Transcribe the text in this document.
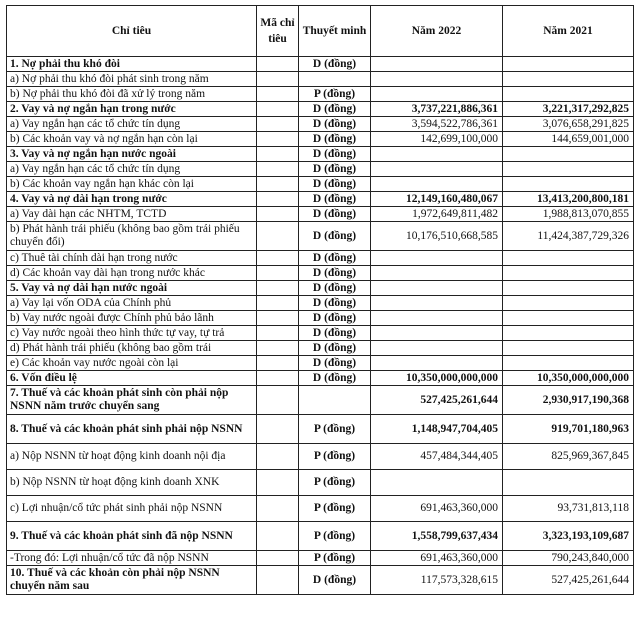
Chỉ tiêu	Mã chỉ tiêu	Thuyết minh	Năm 2022	Năm 2021
1. Nợ phải thu khó đòi		D (đồng)		
a) Nợ phải thu khó đòi phát sinh trong năm				
b) Nợ phải thu khó đòi đã xử lý trong năm		P (đồng)		
2. Vay và nợ ngắn hạn trong nước		D (đồng)	3,737,221,886,361	3,221,317,292,825
a) Vay ngắn hạn các tổ chức tín dụng		D (đồng)	3,594,522,786,361	3,076,658,291,825
b) Các khoản vay và nợ ngắn hạn còn lại		D (đồng)	142,699,100,000	144,659,001,000
3. Vay và nợ ngắn hạn nước ngoài		D (đồng)		
a) Vay ngắn hạn các tổ chức tín dụng		D (đồng)		
b) Các khoản vay ngắn hạn khác còn lại		D (đồng)		
4. Vay và nợ dài hạn trong nước		D (đồng)	12,149,160,480,067	13,413,200,800,181
a) Vay dài hạn các NHTM, TCTD		D (đồng)	1,972,649,811,482	1,988,813,070,855
b) Phát hành trái phiếu (không bao gồm trái phiếu chuyển đổi)		D (đồng)	10,176,510,668,585	11,424,387,729,326
c) Thuê tài chính dài hạn trong nước		D (đồng)		
d) Các khoản vay dài hạn trong nước khác		D (đồng)		
5. Vay và nợ dài hạn nước ngoài		D (đồng)		
a) Vay lại vốn ODA của Chính phủ		D (đồng)		
b) Vay nước ngoài được Chính phủ bảo lãnh		D (đồng)		
c) Vay nước ngoài theo hình thức tự vay, tự trả		D (đồng)		
d) Phát hành trái phiếu (không bao gồm trái		D (đồng)		
e) Các khoản vay nước ngoài còn lại		D (đồng)		
6. Vốn điều lệ		D (đồng)	10,350,000,000,000	10,350,000,000,000
7. Thuế và các khoản phát sinh còn phải nộp NSNN năm trước chuyển sang			527,425,261,644	2,930,917,190,368
8. Thuế và các khoản phát sinh phải nộp NSNN		P (đồng)	1,148,947,704,405	919,701,180,963
a) Nộp NSNN từ hoạt động kinh doanh nội địa		P (đồng)	457,484,344,405	825,969,367,845
b) Nộp NSNN từ hoạt động kinh doanh XNK		P (đồng)		
c) Lợi nhuận/cổ tức phát sinh phải nộp NSNN		P (đồng)	691,463,360,000	93,731,813,118
9. Thuế và các khoản phát sinh đã nộp NSNN		P (đồng)	1,558,799,637,434	3,323,193,109,687
-Trong đó: Lợi nhuận/cổ tức đã nộp NSNN		P (đồng)	691,463,360,000	790,243,840,000
10. Thuế và các khoản còn phải nộp NSNN chuyển năm sau		D (đồng)	117,573,328,615	527,425,261,644
